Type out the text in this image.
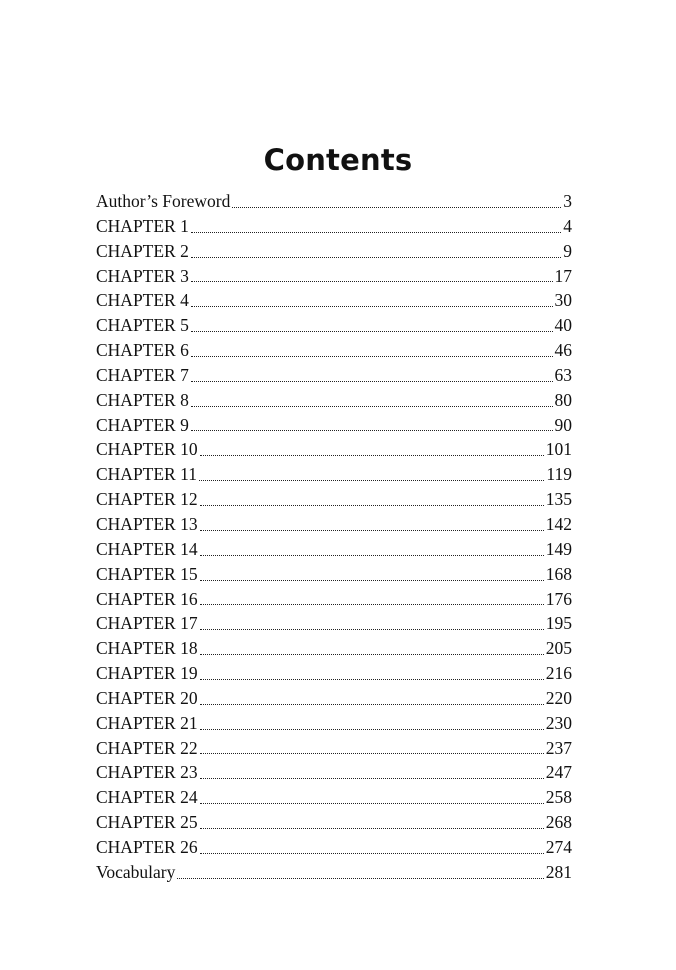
Contents
Author’s Foreword	3
CHAPTER 1	4
CHAPTER 2	9
CHAPTER 3	17
CHAPTER 4	30
CHAPTER 5	40
CHAPTER 6	46
CHAPTER 7	63
CHAPTER 8	80
CHAPTER 9	90
CHAPTER 10	101
CHAPTER 11	119
CHAPTER 12	135
CHAPTER 13	142
CHAPTER 14	149
CHAPTER 15	168
CHAPTER 16	176
CHAPTER 17	195
CHAPTER 18	205
CHAPTER 19	216
CHAPTER 20	220
CHAPTER 21	230
CHAPTER 22	237
CHAPTER 23	247
CHAPTER 24	258
CHAPTER 25	268
CHAPTER 26	274
Vocabulary	281
